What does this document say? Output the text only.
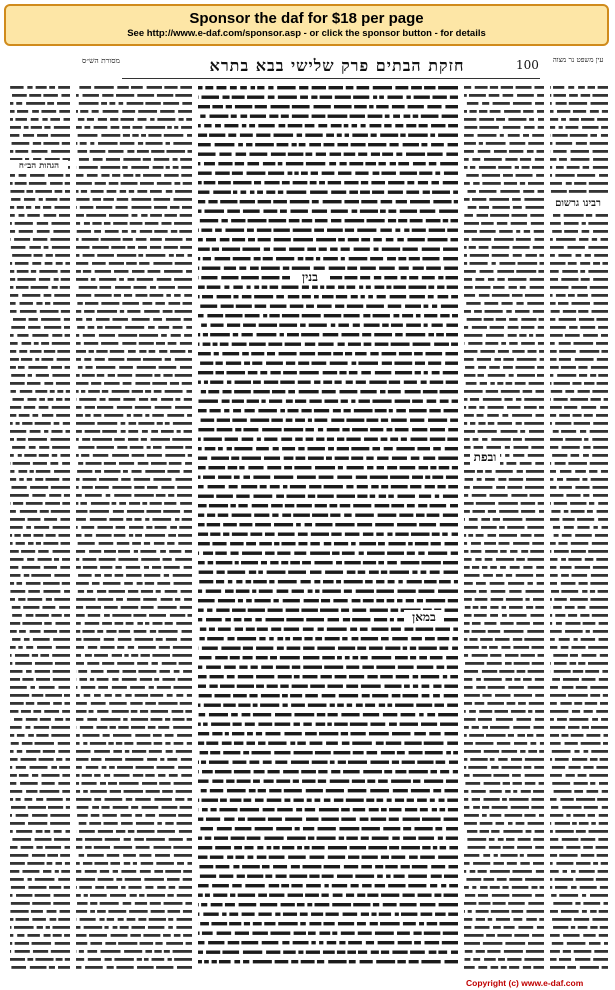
Sponsor the daf for $18 per page
See http://www.e-daf.com/sponsor.asp - or click the sponsor button - for details
100
חזקת הבתים פרק שלישי בבא בתרא
מסורת הש״ס	עין משפט נר מצוה
הגהות הב״ח
רבינו גרשום
ובפת
בנין
במאן
Copyright (c) www.e-daf.com
